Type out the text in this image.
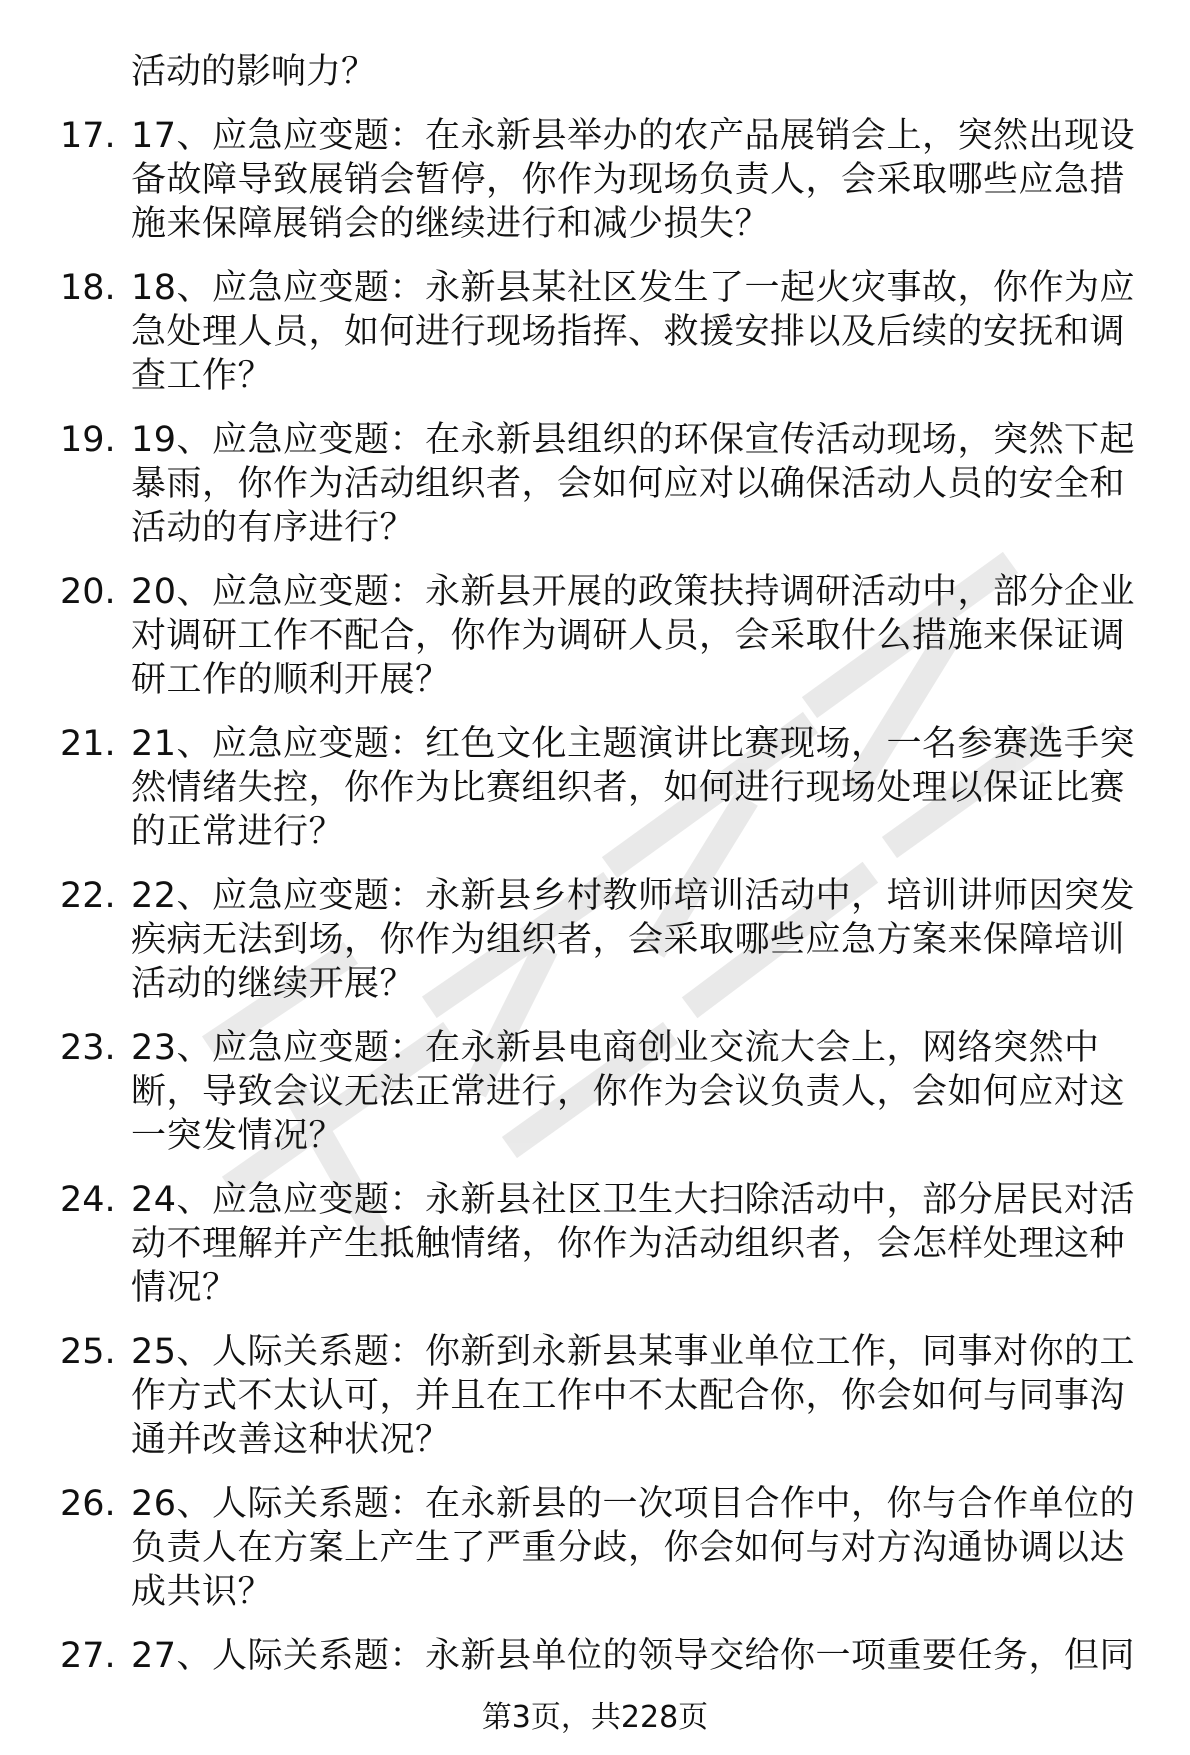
活动的影响力？
17. 17、应急应变题：在永新县举办的农产品展销会上，突然出现设备故障导致展销会暂停，你作为现场负责人，会采取哪些应急措施来保障展销会的继续进行和减少损失？
18. 18、应急应变题：永新县某社区发生了一起火灾事故，你作为应急处理人员，如何进行现场指挥、救援安排以及后续的安抚和调查工作？
19. 19、应急应变题：在永新县组织的环保宣传活动现场，突然下起暴雨，你作为活动组织者，会如何应对以确保活动人员的安全和活动的有序进行？
20. 20、应急应变题：永新县开展的政策扶持调研活动中，部分企业对调研工作不配合，你作为调研人员，会采取什么措施来保证调研工作的顺利开展？
21. 21、应急应变题：红色文化主题演讲比赛现场，一名参赛选手突然情绪失控，你作为比赛组织者，如何进行现场处理以保证比赛的正常进行？
22. 22、应急应变题：永新县乡村教师培训活动中，培训讲师因突发疾病无法到场，你作为组织者，会采取哪些应急方案来保障培训活动的继续开展？
23. 23、应急应变题：在永新县电商创业交流大会上，网络突然中断，导致会议无法正常进行，你作为会议负责人，会如何应对这一突发情况？
24. 24、应急应变题：永新县社区卫生大扫除活动中，部分居民对活动不理解并产生抵触情绪，你作为活动组织者，会怎样处理这种情况？
25. 25、人际关系题：你新到永新县某事业单位工作，同事对你的工作方式不太认可，并且在工作中不太配合你，你会如何与同事沟通并改善这种状况？
26. 26、人际关系题：在永新县的一次项目合作中，你与合作单位的负责人在方案上产生了严重分歧，你会如何与对方沟通协调以达成共识？
27. 27、人际关系题：永新县单位的领导交给你一项重要任务，但同
第3页，共228页
